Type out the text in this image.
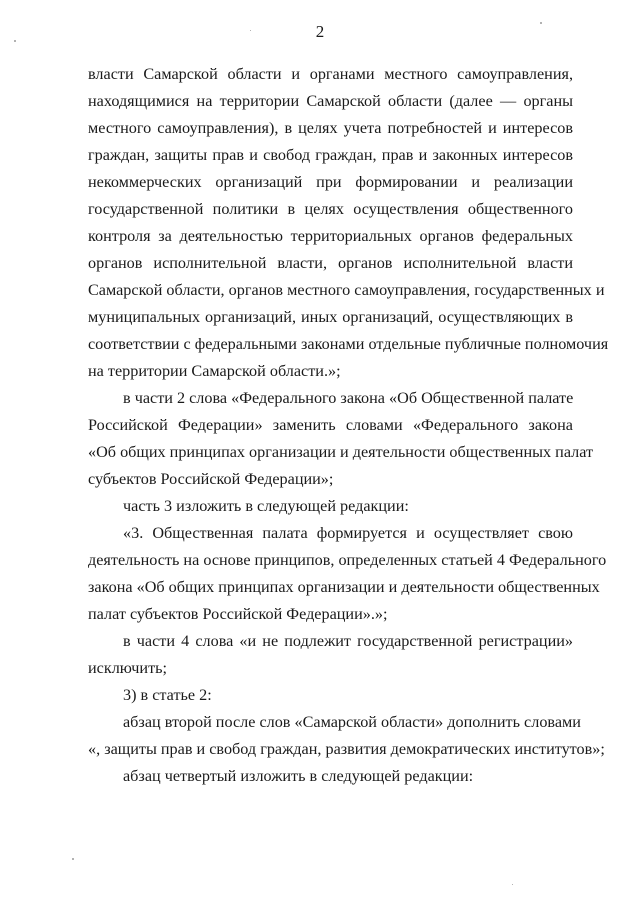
2
власти Самарской области и органами местного самоуправления,
находящимися на территории Самарской области (далее — органы
местного самоуправления), в целях учета потребностей и интересов
граждан, защиты прав и свобод граждан, прав и законных интересов
некоммерческих организаций при формировании и реализации
государственной политики в целях осуществления общественного
контроля за деятельностью территориальных органов федеральных
органов исполнительной власти, органов исполнительной власти
Самарской области, органов местного самоуправления, государственных и
муниципальных организаций, иных организаций, осуществляющих в
соответствии с федеральными законами отдельные публичные полномочия
на территории Самарской области.»;
в части 2 слова «Федерального закона «Об Общественной палате
Российской Федерации» заменить словами «Федерального закона
«Об общих принципах организации и деятельности общественных палат
субъектов Российской Федерации»;
часть 3 изложить в следующей редакции:
«3. Общественная палата формируется и осуществляет свою
деятельность на основе принципов, определенных статьей 4 Федерального
закона «Об общих принципах организации и деятельности общественных
палат субъектов Российской Федерации».»;
в части 4 слова «и не подлежит государственной регистрации»
исключить;
3) в статье 2:
абзац второй после слов «Самарской области» дополнить словами
«, защиты прав и свобод граждан, развития демократических институтов»;
абзац четвертый изложить в следующей редакции:
